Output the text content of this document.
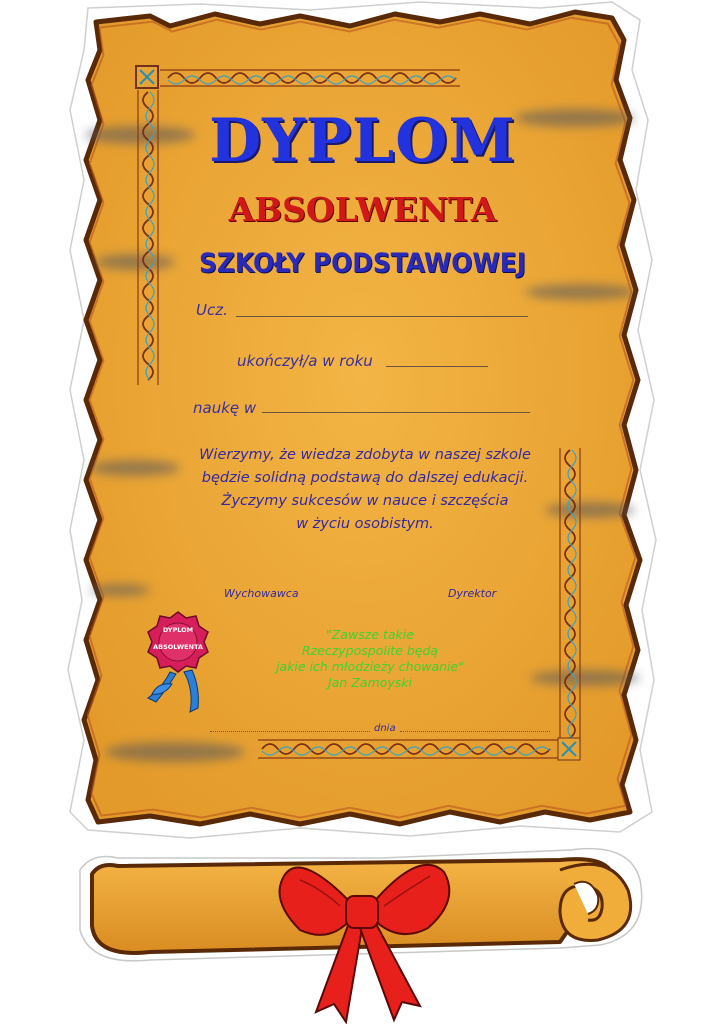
DYPLOM
ABSOLWENTA
SZKOŁY PODSTAWOWEJ
Ucz.
ukończył/a w roku
naukę w
Wierzymy, że wiedza zdobyta w naszej szkole
będzie solidną podstawą do dalszej edukacji.
Życzymy sukcesów w nauce i szczęścia
w życiu osobistym.
Wychowawca	Dyrektor
DYPLOM
ABSOLWENTA
"Zawsze takie
Rzeczypospolite będą
jakie ich młodzieży chowanie"
Jan Zamoyski
dnia
